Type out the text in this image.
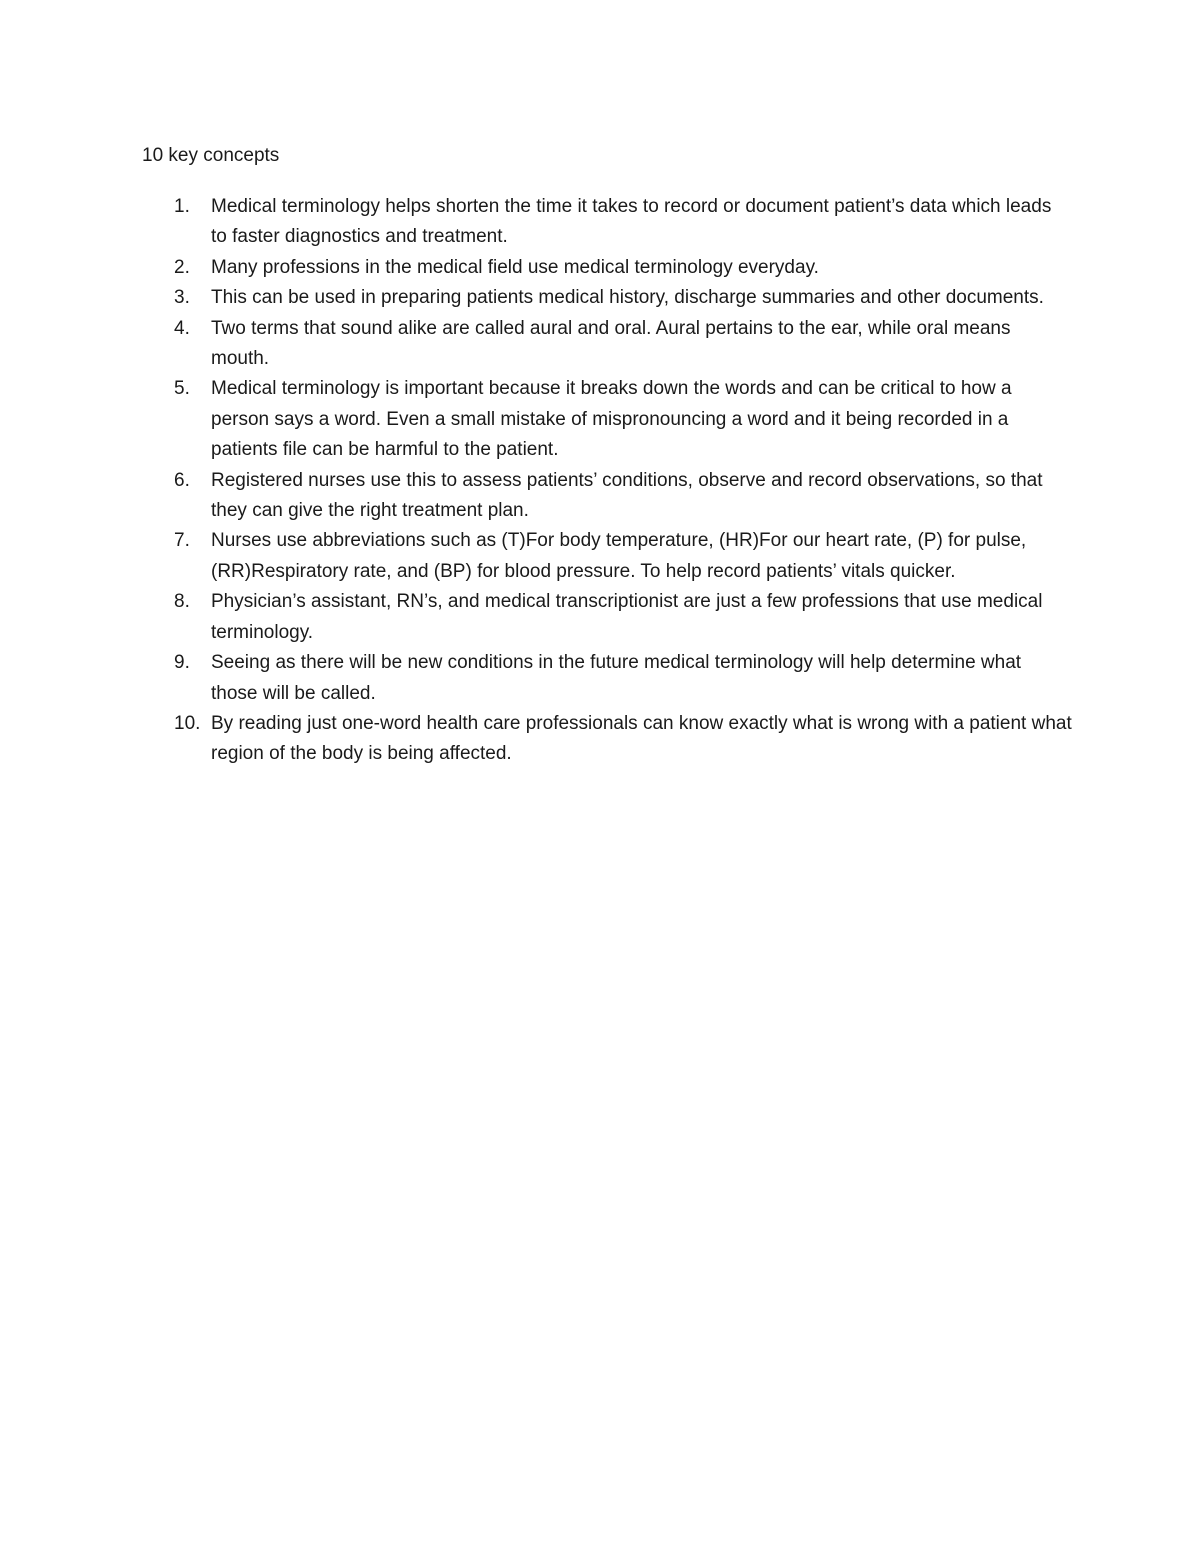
10 key concepts
1. Medical terminology helps shorten the time it takes to record or document patient’s data which leads to faster diagnostics and treatment.
2. Many professions in the medical field use medical terminology everyday.
3. This can be used in preparing patients medical history, discharge summaries and other documents.
4. Two terms that sound alike are called aural and oral. Aural pertains to the ear, while oral means mouth.
5. Medical terminology is important because it breaks down the words and can be critical to how a person says a word. Even a small mistake of mispronouncing a word and it being recorded in a patients file can be harmful to the patient.
6. Registered nurses use this to assess patients’ conditions, observe and record observations, so that they can give the right treatment plan.
7. Nurses use abbreviations such as (T)For body temperature, (HR)For our heart rate, (P) for pulse, (RR)Respiratory rate, and (BP) for blood pressure. To help record patients’ vitals quicker.
8. Physician’s assistant, RN’s, and medical transcriptionist are just a few professions that use medical terminology.
9. Seeing as there will be new conditions in the future medical terminology will help determine what those will be called.
10. By reading just one-word health care professionals can know exactly what is wrong with a patient what region of the body is being affected.
